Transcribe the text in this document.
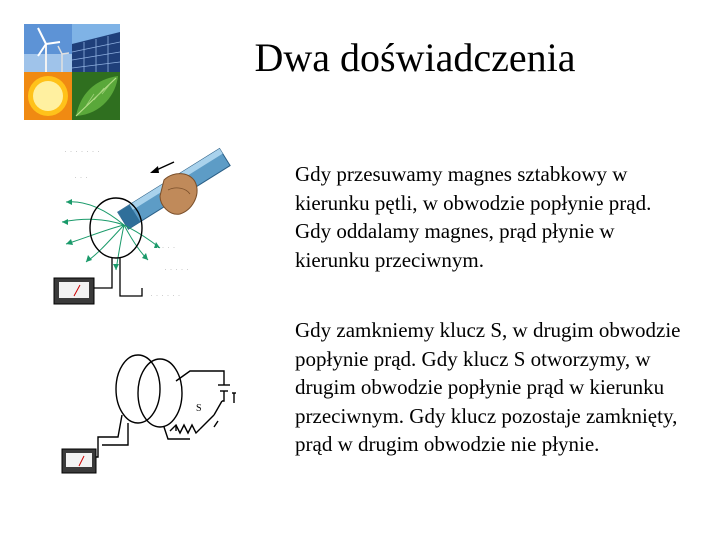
Dwa doświadczenia
· · · · · · ·
· · ·
· · · ·
· · · · ·
· · · · · ·
S
Gdy przesuwamy magnes sztabkowy w kierunku pętli, w obwodzie popłynie prąd. Gdy oddalamy magnes, prąd płynie w kierunku przeciwnym.
Gdy zamkniemy klucz S, w drugim obwodzie popłynie prąd. Gdy klucz S otworzymy, w drugim obwodzie popłynie prąd w kierunku przeciwnym. Gdy klucz pozostaje zamknięty, prąd w drugim obwodzie nie płynie.
